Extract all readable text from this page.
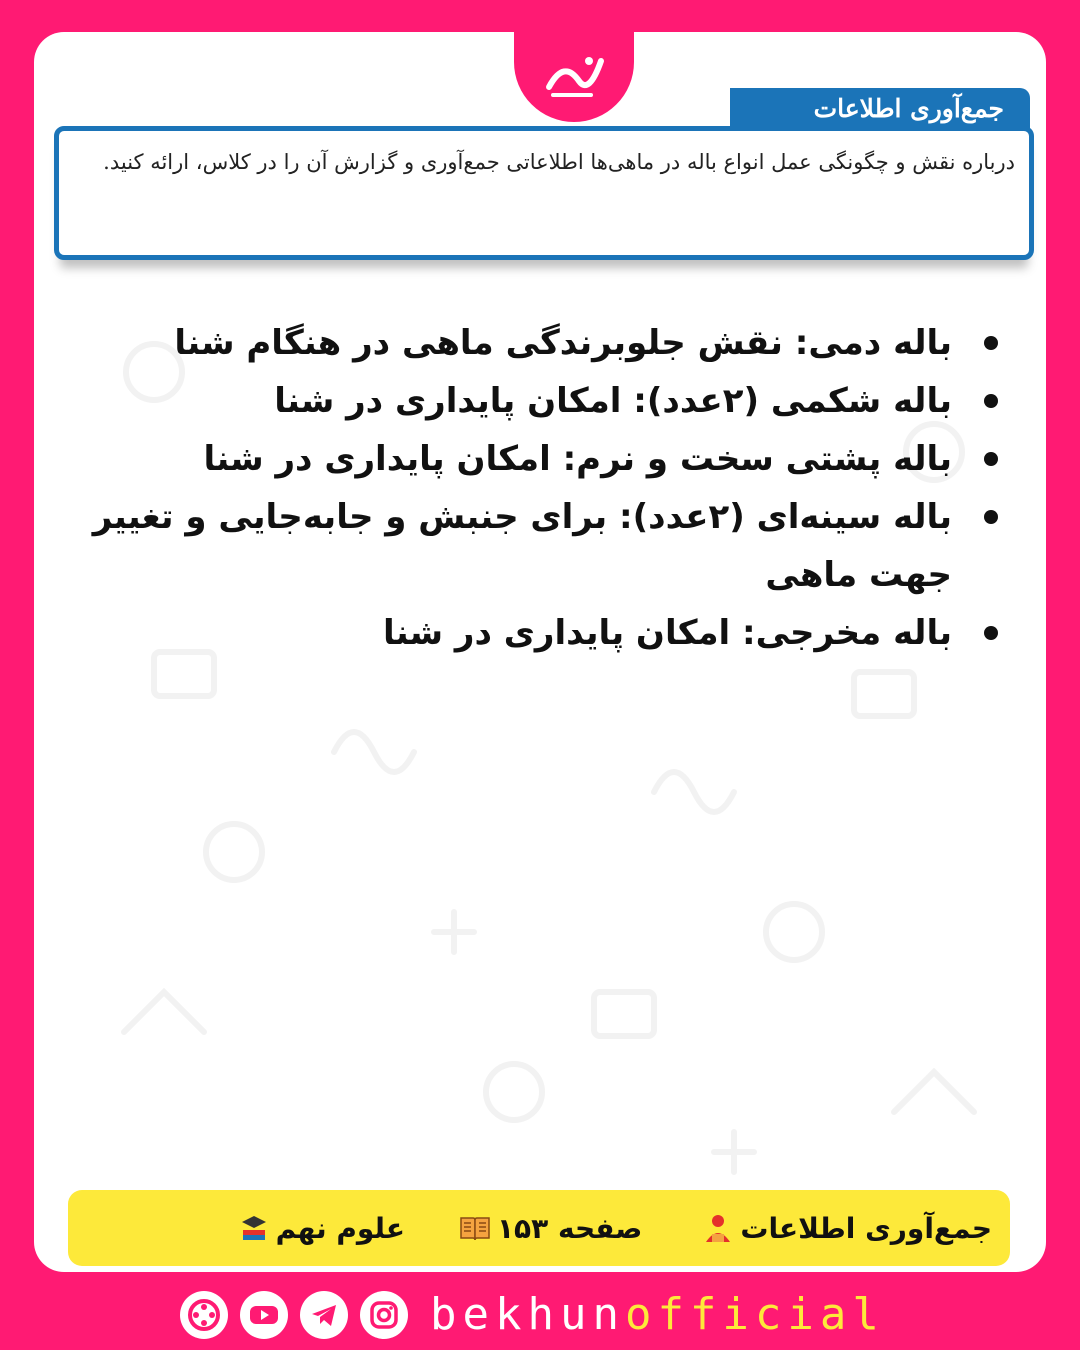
جمع‌آوری اطلاعات
درباره نقش و چگونگی عمل انواع باله در ماهی‌ها اطلاعاتی جمع‌آوری و گزارش آن را در کلاس، ارائه کنید.
باله دمی: نقش جلوبرندگی ماهی در هنگام شنا
باله شکمی (۲عدد): امکان پایداری در شنا
باله پشتی سخت و نرم: امکان پایداری در شنا
باله سینه‌ای (۲عدد): برای جنبش و جابه‌جایی و تغییر جهت ماهی
باله مخرجی: امکان پایداری در شنا
جمع‌آوری اطلاعات
صفحه ۱۵۳
علوم نهم
bekhunofficial
